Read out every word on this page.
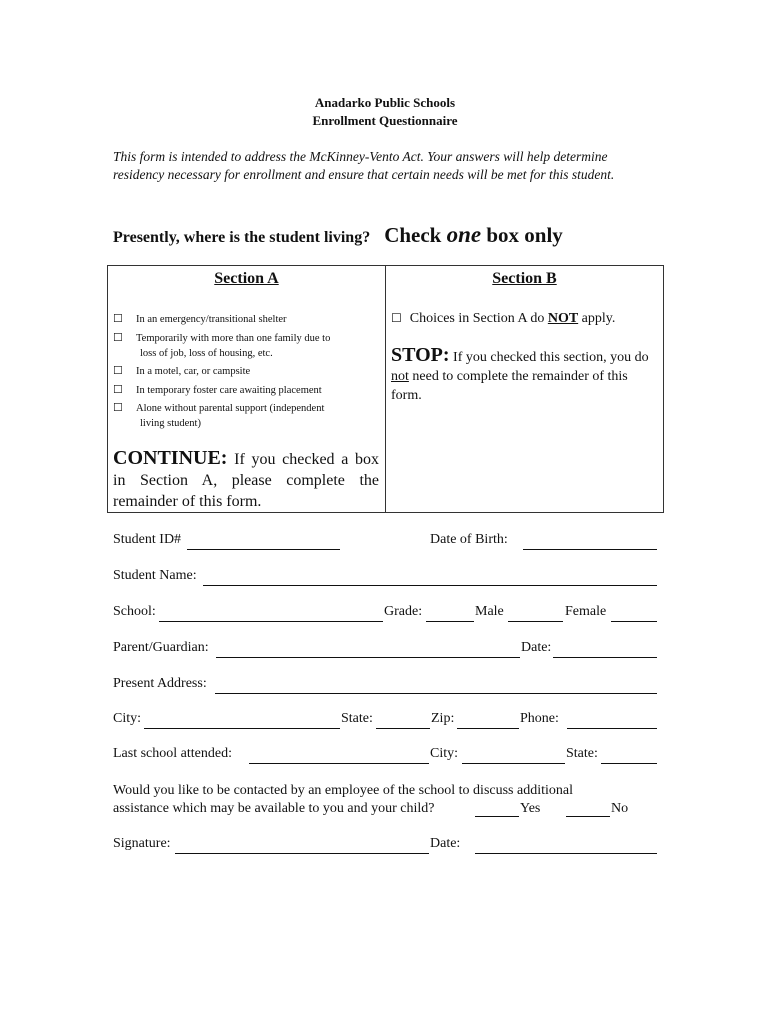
Anadarko Public Schools
Enrollment Questionnaire
This form is intended to address the McKinney-Vento Act. Your answers will help determine residency necessary for enrollment and ensure that certain needs will be met for this student.
Presently, where is the student living? Check one box only
Section A	Section B
☐ In an emergency/transitional shelter
☐ Temporarily with more than one family due to
loss of job, loss of housing, etc.
☐ In a motel, car, or campsite
☐ In temporary foster care awaiting placement
☐ Alone without parental support (independent
living student)
CONTINUE: If you checked a box in Section A, please complete the remainder of this form.
☐ Choices in Section A do NOT apply.
STOP: If you checked this section, you do not need to complete the remainder of this form.
Student ID#	Date of Birth:
Student Name:
School:	Grade:	Male	Female
Parent/Guardian:	Date:
Present Address:
City:	State:	Zip:	Phone:
Last school attended:	City:	State:
Would you like to be contacted by an employee of the school to discuss additional
assistance which may be available to you and your child?	Yes	No
Signature:	Date:
